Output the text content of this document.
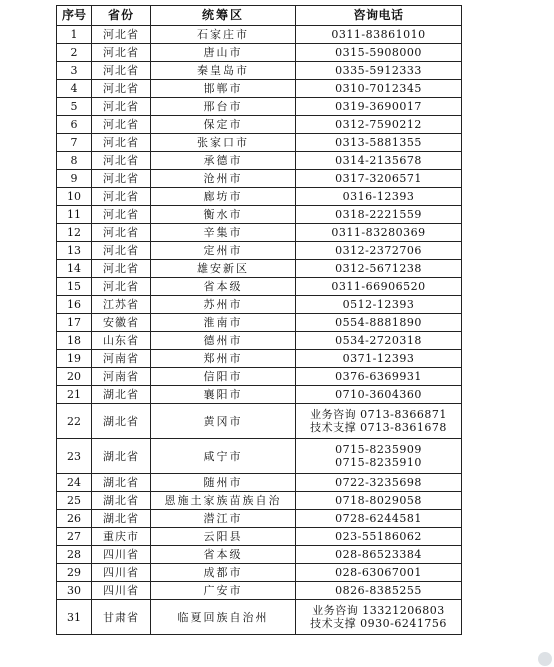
序号	省份	统筹区	咨询电话
1	河北省	石家庄市	0311-83861010

2	河北省	唐山市	0315-5908000

3	河北省	秦皇岛市	0335-5912333

4	河北省	邯郸市	0310-7012345

5	河北省	邢台市	0319-3690017

6	河北省	保定市	0312-7590212

7	河北省	张家口市	0313-5881355

8	河北省	承德市	0314-2135678

9	河北省	沧州市	0317-3206571

10	河北省	廊坊市	0316-12393

11	河北省	衡水市	0318-2221559

12	河北省	辛集市	0311-83280369

13	河北省	定州市	0312-2372706

14	河北省	雄安新区	0312-5671238

15	河北省	省本级	0311-66906520

16	江苏省	苏州市	0512-12393

17	安徽省	淮南市	0554-8881890

18	山东省	德州市	0534-2720318

19	河南省	郑州市	0371-12393

20	河南省	信阳市	0376-6369931

21	湖北省	襄阳市	0710-3604360

22	湖北省	黄冈市	业务咨询 0713-8366871
技术支撑 0713-8361678

23	湖北省	咸宁市	0715-8235909
0715-8235910

24	湖北省	随州市	0722-3235698

25	湖北省	恩施土家族苗族自治	0718-8029058

26	湖北省	潜江市	0728-6244581

27	重庆市	云阳县	023-55186062

28	四川省	省本级	028-86523384

29	四川省	成都市	028-63067001

30	四川省	广安市	0826-8385255

31	甘肃省	临夏回族自治州	业务咨询 13321206803
技术支撑 0930-6241756
